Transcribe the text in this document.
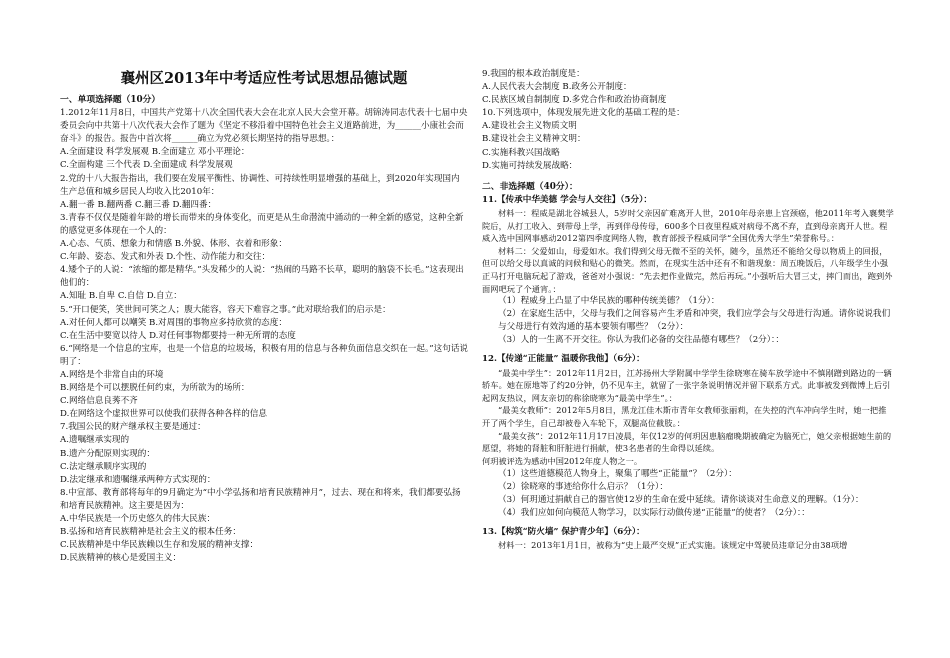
襄州区2013年中考适应性考试思想品德试题
一、单项选择题（10分）
1.2012年11月8日，中国共产党第十八次全国代表大会在北京人民大会堂开幕。胡锦涛同志代表十七届中央委员会向中共第十八次代表大会作了题为《坚定不移沿着中国特色社会主义道路前进，为______小康社会而奋斗》的报告。报告中首次将______确立为党必须长期坚持的指导思想。：
A.全面建设 科学发展观 B.全面建立 邓小平理论：
C.全面构建 三个代表 D.全面建成 科学发展观
2.党的十八大报告指出，我们要在发展平衡性、协调性、可持续性明显增强的基础上，到2020年实现国内生产总值和城乡居民人均收入比2010年：
A.翻一番 B.翻两番 C.翻三番 D.翻四番：
3.青春不仅仅是随着年龄的增长而带来的身体变化，而更是从生命潜流中涌动的一种全新的感觉，这种全新的感觉更多体现在一个人的：
A.心态、气质、想象力和情感 B.外貌、体形、衣着和形象：
C.年龄、姿态、发式和外表 D.个性、动作能力和交往：
4.矮个子的人说：“浓缩的都是精华。”头发稀少的人说：“热闹的马路不长草，聪明的脑袋不长毛。”这表现出他们的：
A.知耻 B.自卑 C.自信 D.自立：
5.“开口便笑，笑世间可笑之人；腹大能容，容天下难容之事。”此对联给我们的启示是：
A.对任何人都可以嘲笑 B.对周围的事物应多持欣赏的态度：
C.在生活中要宽以待人 D.对任何事物都要持一种无所谓的态度
6.“网络是一个信息的宝库，也是一个信息的垃圾场，积极有用的信息与各种负面信息交织在一起。”这句话说明了：
A.网络是个非常自由的环境
B.网络是个可以摆脱任何约束，为所欲为的场所：
C.网络信息良莠不齐
D.在网络这个虚拟世界可以使我们获得各种各样的信息
7.我国公民的财产继承权主要是通过：
A.遗嘱继承实现的
B.遗产分配原则实现的：
C.法定继承顺序实现的
D.法定继承和遗嘱继承两种方式实现的：
8.中宣部、教育部将每年的9月确定为“中小学弘扬和培育民族精神月”，过去、现在和将来，我们都要弘扬和培育民族精神。这主要是因为：
A.中华民族是一个历史悠久的伟大民族：
B.弘扬和培育民族精神是社会主义的根本任务：
C.民族精神是中华民族赖以生存和发展的精神支撑：
D.民族精神的核心是爱国主义：
9.我国的根本政治制度是：
A.人民代表大会制度 B.政务公开制度：
C.民族区域自制制度 D.多党合作和政治协商制度
10.下列选项中，体现发展先进文化的基础工程的是：
A.建设社会主义物质文明
B.建设社会主义精神文明：
C.实施科教兴国战略
D.实施可持续发展战略：
二、非选择题（40分）：
11.【传承中华美德 学会与人交往】（5分）：
材料一：程威是湖北谷城县人，5岁时父亲因矿难离开人世，2010年母亲患上宫颈癌，他2011年考入襄樊学院后，从打工收入、到带母上学，再到伴母传母，600多个日夜里程威对病母不离不弃，直到母亲离开人世。程威入选中国网事感动2012第四季度网络人物，教育部授予程威同学“全国优秀大学生”荣誉称号。：
材料二：父爱如山，母爱如水。我们得到父母无微不至的关怀，随今，虽然还不能给父母以物质上的回报，但可以给父母以真诚的问候和贴心的微笑。然而，在现实生活中还有不和谐现象：周五晚饭后，八年级学生小强正马打开电脑玩起了游戏，爸爸对小强说：“先去把作业做完，然后再玩。”小强听后大冒三丈，摔门而出，跑到外面网吧玩了个通宵。：
（1）程威身上凸显了中华民族的哪种传统美德？（1分）：
（2）在家庭生活中，父母与我们之间容易产生矛盾和冲突，我们应学会与父母进行沟通。请你说说我们与父母进行有效沟通的基本要领有哪些？（2分）：
（3）人的一生离不开交往。你认为我们必备的交往品德有哪些？（2分）：：
12.【传递“正能量” 温暖你我他】（6分）：
“最美中学生”：2012年11月2日，江苏扬州大学附属中学学生徐晓寒在骑车放学途中不慎剐蹭到路边的一辆轿车。她在原地等了约20分钟，仍不见车主，就留了一张字条说明情况并留下联系方式。此事被发到微博上后引起网友热议，网友亲切的称徐晓寒为“最美中学生”。：
“最美女教师”：2012年5月8日，黑龙江佳木斯市青年女教师张丽莉，在失控的汽车冲向学生时，她一把推开了两个学生，自己却被卷入车轮下，双腿高位截肢。：
“最美女孩”：2012年11月17日凌晨，年仅12岁的何玥因患脑瘤晚期被确定为脑死亡，她父亲根据她生前的愿望，将她的肾脏和肝脏进行捐献，使3名患者的生命得以延续。
何玥被评选为感动中国2012年度人物之一。
（1）这些道德模范人物身上，聚集了哪些“正能量”？（2分）：
（2）徐晓寒的事迹给你什么启示？（1分）：
（3）何玥通过捐献自己的器官使12岁的生命在爱中延续。请你谈谈对生命意义的理解。（1分）：
（4）我们应如何向模范人物学习，以实际行动做传递“正能量”的使者？（2分）：：
13.【构筑“防火墙” 保护青少年】（6分）：
材料一：2013年1月1日，被称为“史上最严交规”正式实施。该规定中驾驶员违章记分由38项增
